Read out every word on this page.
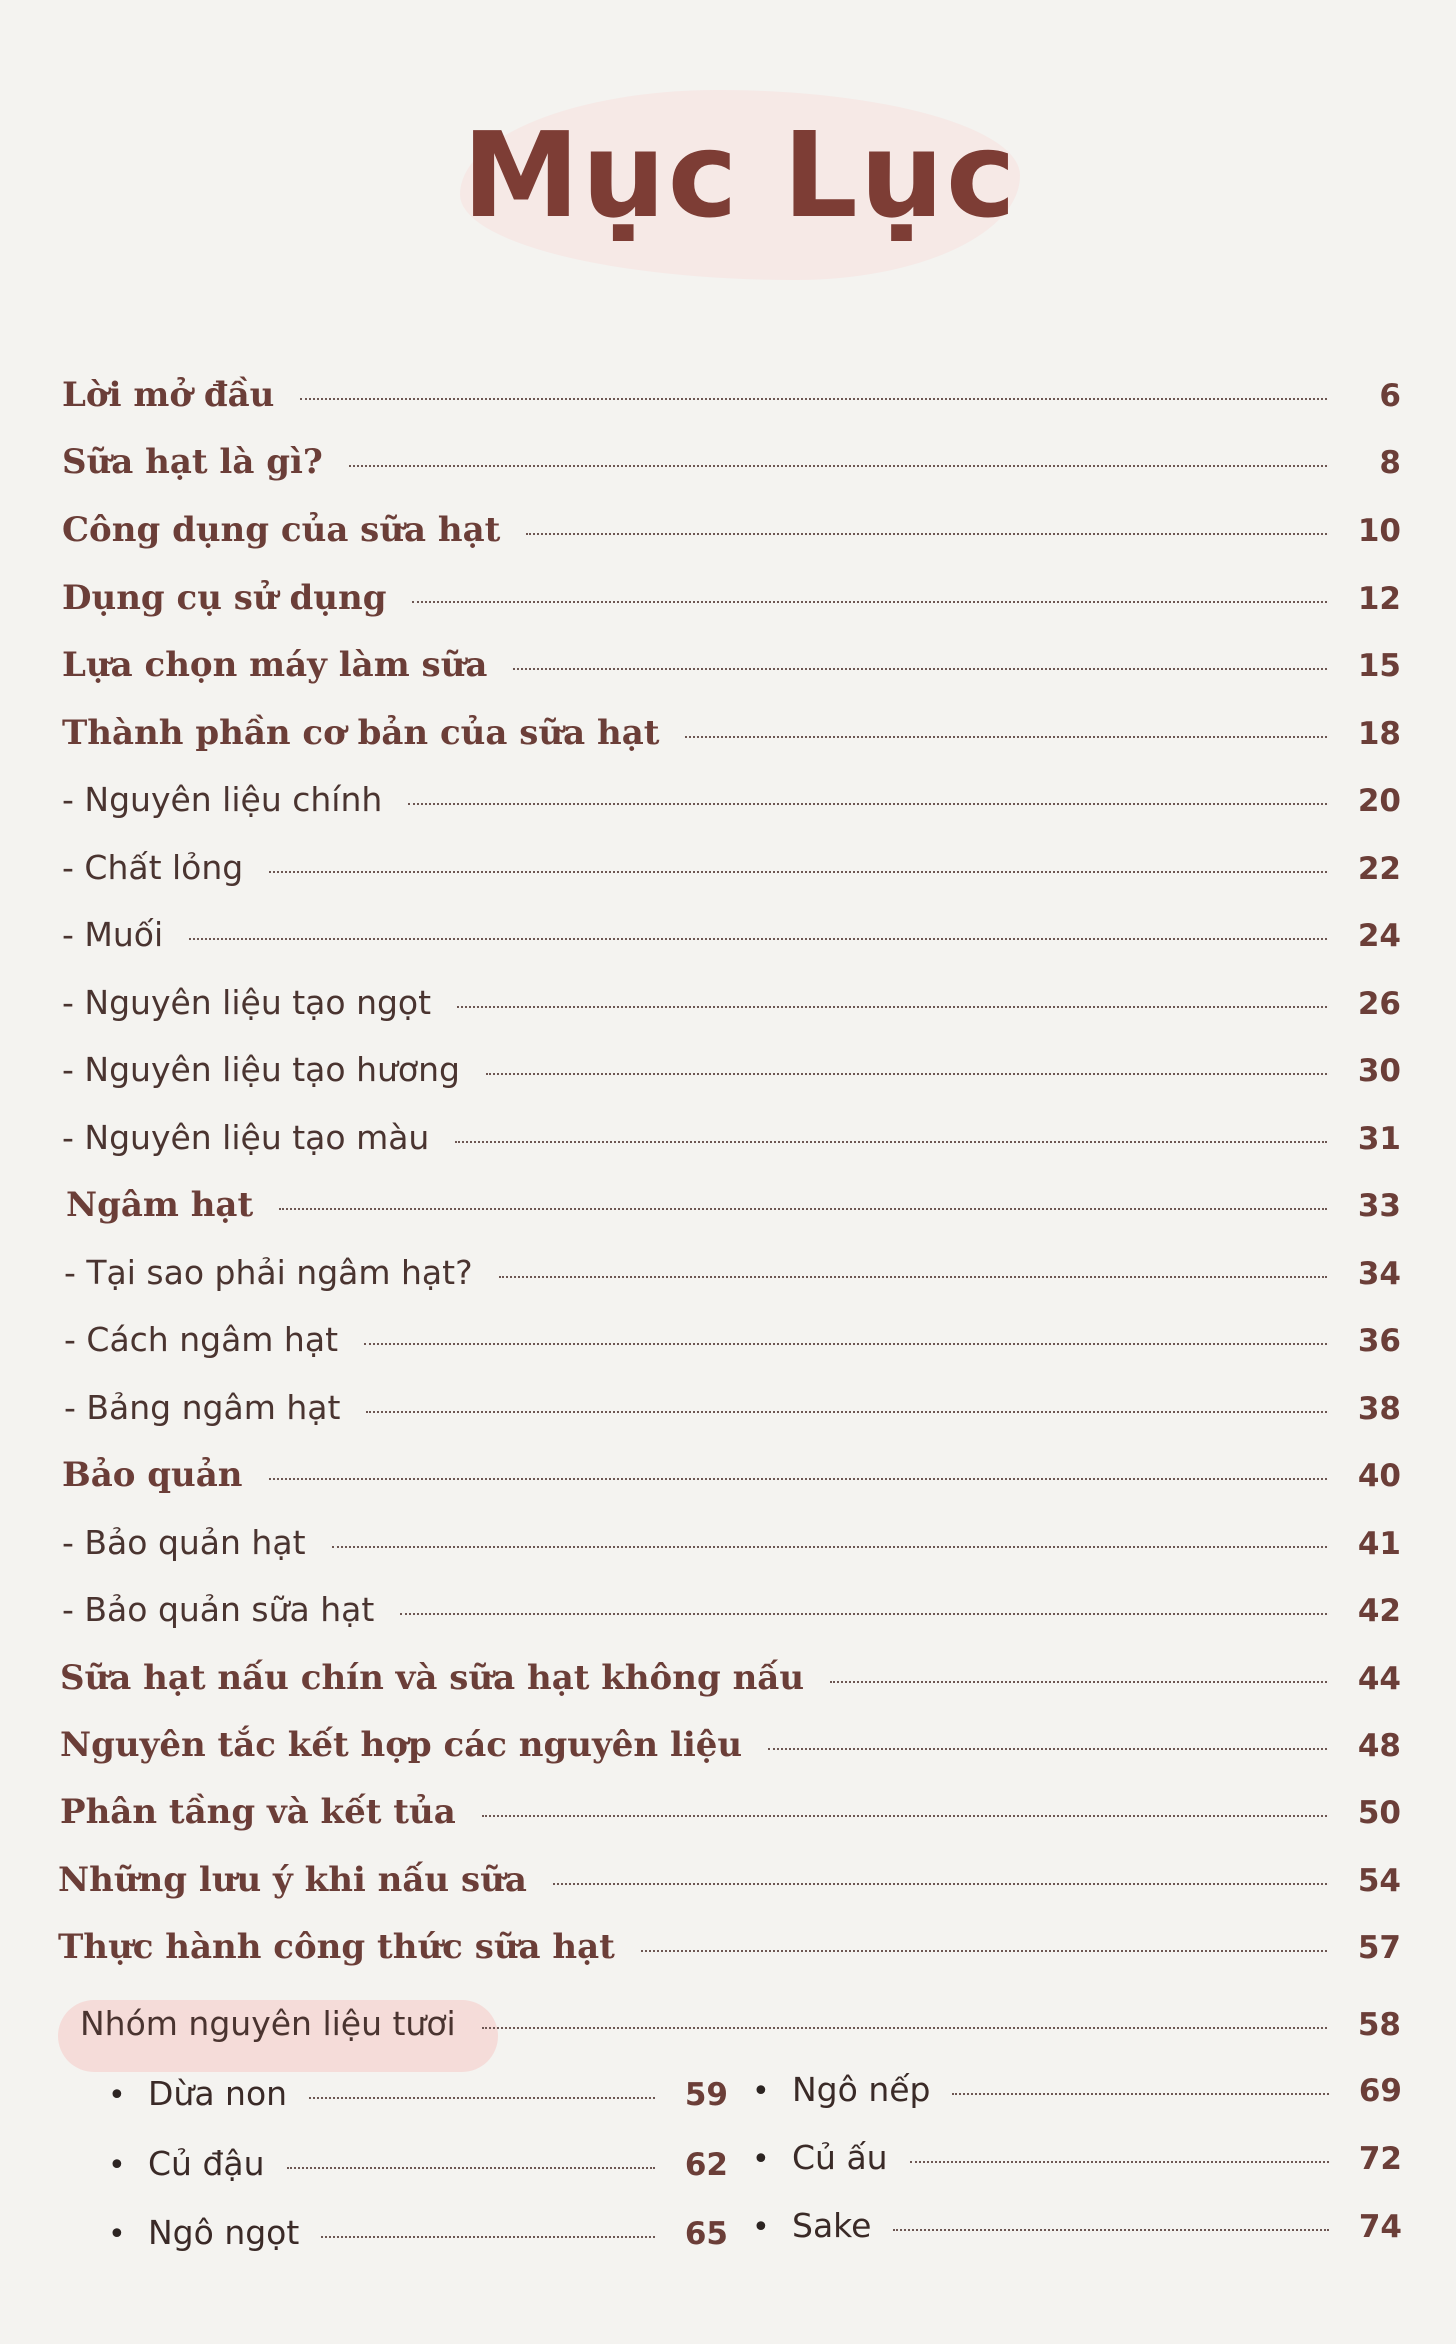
Mục Lục
Lời mở đầu	6
Sữa hạt là gì?	8
Công dụng của sữa hạt	10
Dụng cụ sử dụng	12
Lựa chọn máy làm sữa	15
Thành phần cơ bản của sữa hạt	18
- Nguyên liệu chính	20
- Chất lỏng	22
- Muối	24
- Nguyên liệu tạo ngọt	26
- Nguyên liệu tạo hương	30
- Nguyên liệu tạo màu	31
Ngâm hạt	33
- Tại sao phải ngâm hạt?	34
- Cách ngâm hạt	36
- Bảng ngâm hạt	38
Bảo quản	40
- Bảo quản hạt	41
- Bảo quản sữa hạt	42
Sữa hạt nấu chín và sữa hạt không nấu	44
Nguyên tắc kết hợp các nguyên liệu	48
Phân tầng và kết tủa	50
Những lưu ý khi nấu sữa	54
Thực hành công thức sữa hạt	57
Nhóm nguyên liệu tươi	58
• Dừa non	59
• Củ đậu	62
• Ngô ngọt	65
• Ngô nếp	69
• Củ ấu	72
• Sake	74
